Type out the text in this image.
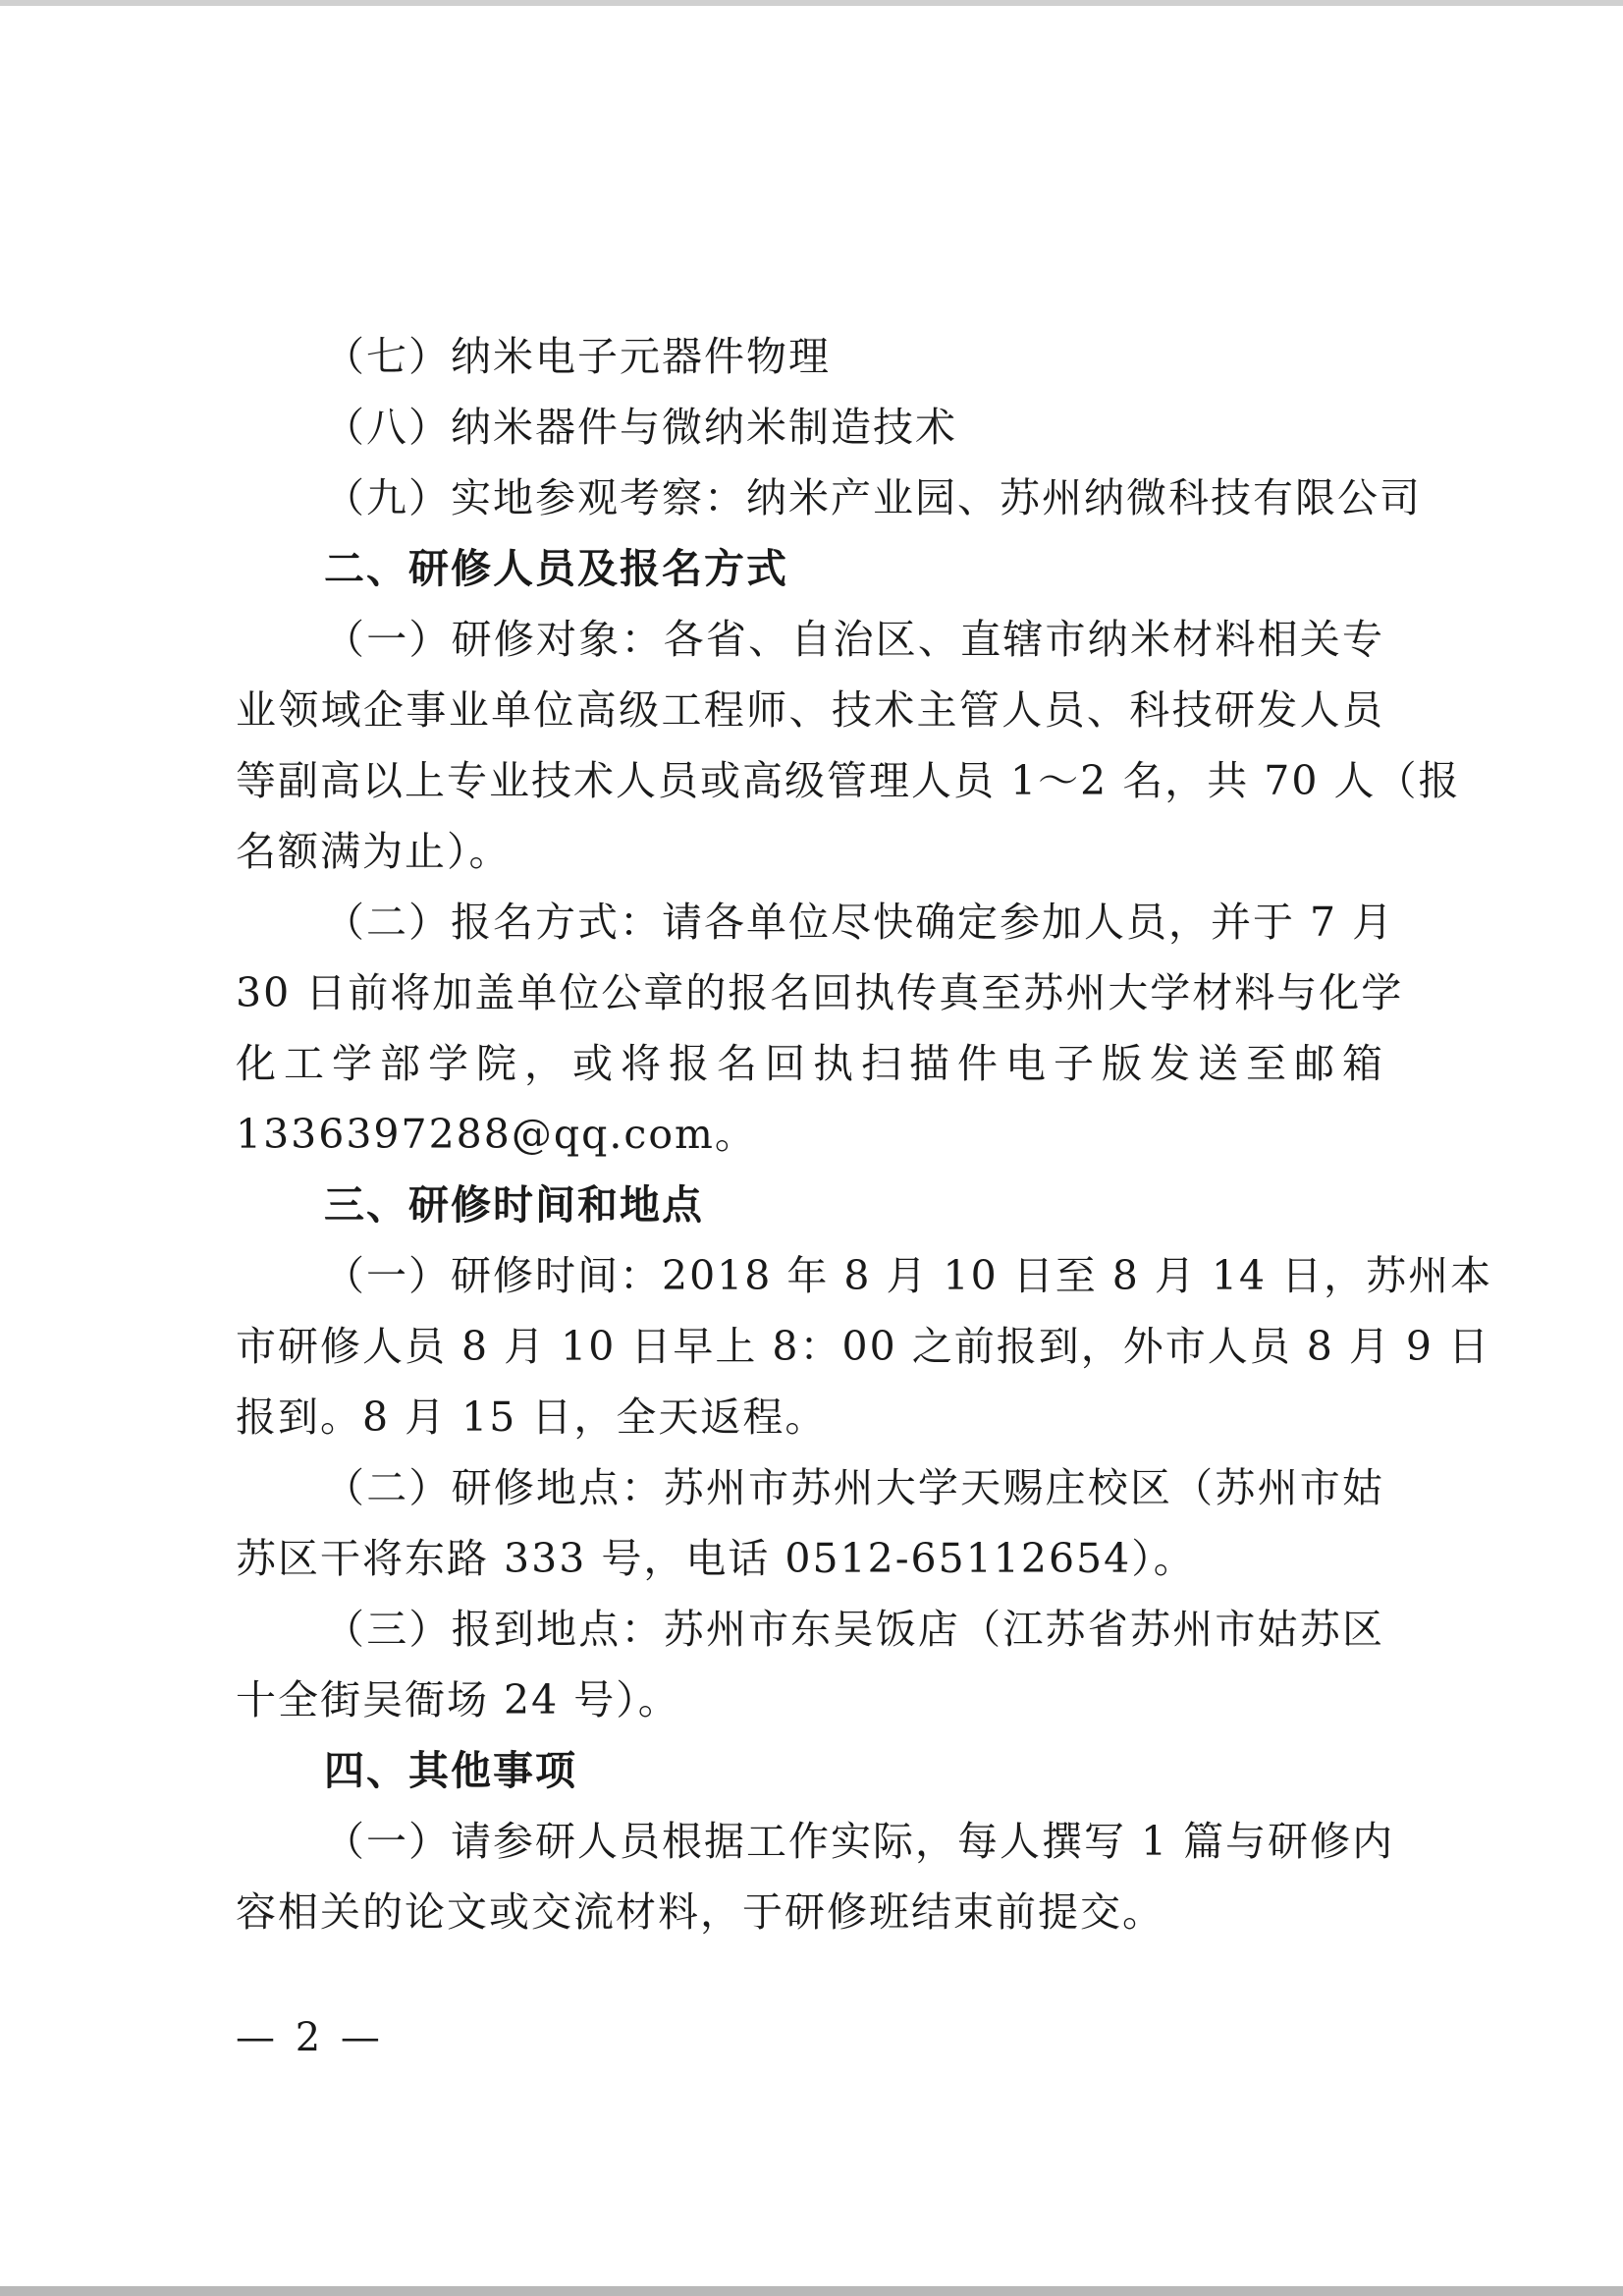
（七）纳米电子元器件物理
（八）纳米器件与微纳米制造技术
（九）实地参观考察：纳米产业园、苏州纳微科技有限公司
二、研修人员及报名方式
（一）研修对象：各省、自治区、直辖市纳米材料相关专
业领域企事业单位高级工程师、技术主管人员、科技研发人员
等副高以上专业技术人员或高级管理人员 1～2 名，共 70 人（报
名额满为止）。
（二）报名方式：请各单位尽快确定参加人员，并于 7 月
30 日前将加盖单位公章的报名回执传真至苏州大学材料与化学
化工学部学院，或将报名回执扫描件电子版发送至邮箱
1336397288@qq.com。
三、研修时间和地点
（一）研修时间：2018 年 8 月 10 日至 8 月 14 日，苏州本
市研修人员 8 月 10 日早上 8：00 之前报到，外市人员 8 月 9 日
报到。8 月 15 日，全天返程。
（二）研修地点：苏州市苏州大学天赐庄校区（苏州市姑
苏区干将东路 333 号，电话 0512-65112654）。
（三）报到地点：苏州市东吴饭店（江苏省苏州市姑苏区
十全街吴衙场 24 号）。
四、其他事项
（一）请参研人员根据工作实际，每人撰写 1 篇与研修内
容相关的论文或交流材料，于研修班结束前提交。
— 2 —
